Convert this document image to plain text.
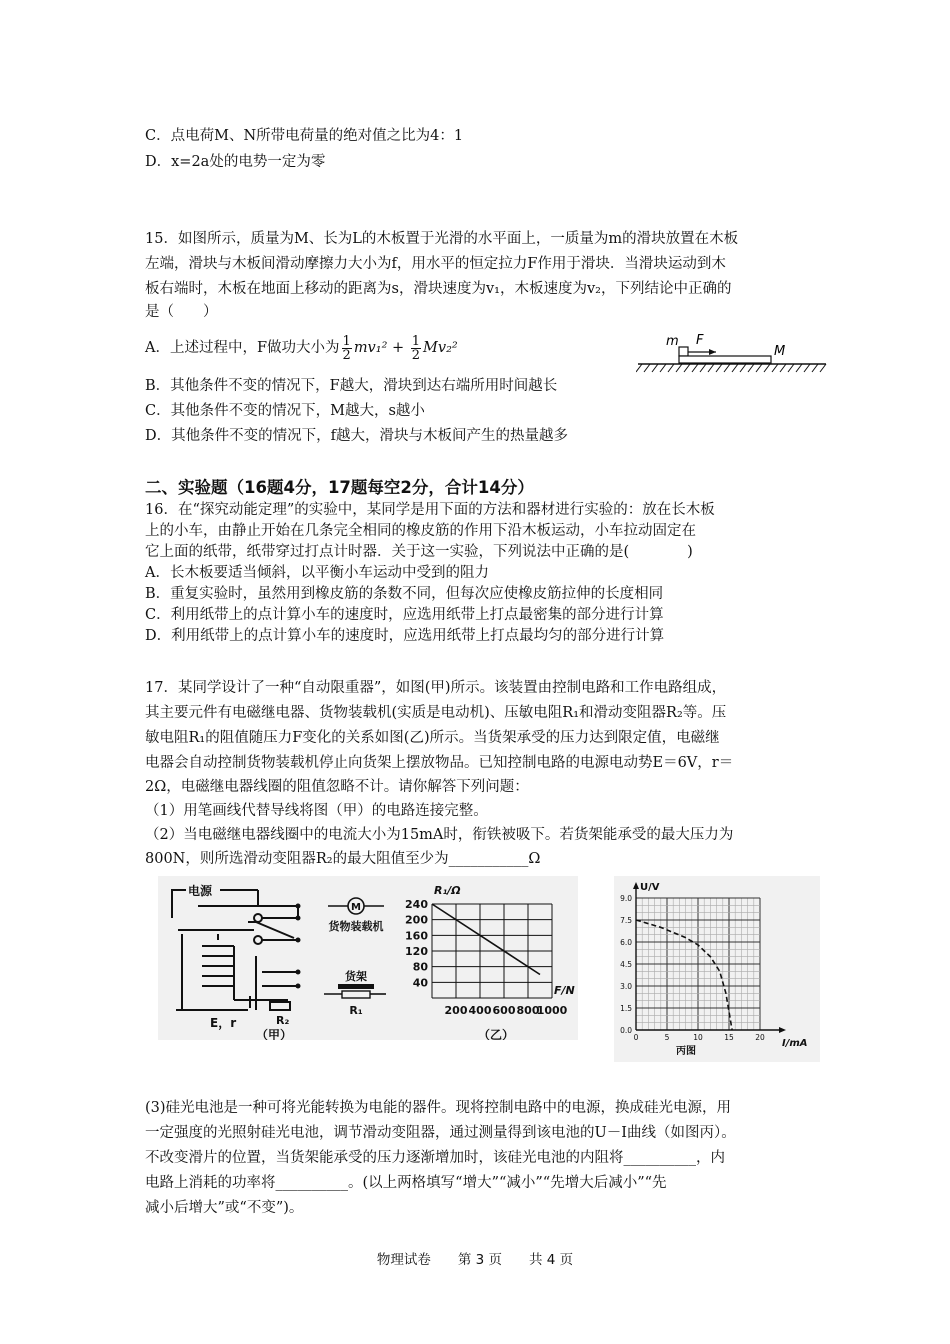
C．点电荷M、N所带电荷量的绝对值之比为4：1
D．x=2a处的电势一定为零
15．如图所示，质量为M、长为L的木板置于光滑的水平面上，一质量为m的滑块放置在木板
左端，滑块与木板间滑动摩擦力大小为f，用水平的恒定拉力F作用于滑块．当滑块运动到木
板右端时，木板在地面上移动的距离为s，滑块速度为v₁，木板速度为v₂，下列结论中正确的
是（　　）
A．上述过程中，F做功大小为 $\frac{1}{2} mv_1^2 + \frac{1}{2} Mv_2^2$
B．其他条件不变的情况下，F越大，滑块到达右端所用时间越长
C．其他条件不变的情况下，M越大，s越小
D．其他条件不变的情况下，f越大，滑块与木板间产生的热量越多
m F
M
二、实验题（16题4分，17题每空2分，合计14分）
16．在“探究动能定理”的实验中，某同学是用下面的方法和器材进行实验的：放在长木板
上的小车，由静止开始在几条完全相同的橡皮筋的作用下沿木板运动，小车拉动固定在
它上面的纸带，纸带穿过打点计时器．关于这一实验，下列说法中正确的是(　　　　)
A．长木板要适当倾斜，以平衡小车运动中受到的阻力
B．重复实验时，虽然用到橡皮筋的条数不同，但每次应使橡皮筋拉伸的长度相同
C．利用纸带上的点计算小车的速度时，应选用纸带上打点最密集的部分进行计算
D．利用纸带上的点计算小车的速度时，应选用纸带上打点最均匀的部分进行计算
17．某同学设计了一种“自动限重器”，如图(甲)所示。该装置由控制电路和工作电路组成，
其主要元件有电磁继电器、货物装载机(实质是电动机)、压敏电阻R₁和滑动变阻器R₂等。压
敏电阻R₁的阻值随压力F变化的关系如图(乙)所示。当货架承受的压力达到限定值，电磁继
电器会自动控制货物装载机停止向货架上摆放物品。已知控制电路的电源电动势E＝6V，r＝
2Ω，电磁继电器线圈的阻值忽略不计。请你解答下列问题：
（1）用笔画线代替导线将图（甲）的电路连接完整。
（2）当电磁继电器线圈中的电流大小为15mA时，衔铁被吸下。若货架能承受的最大压力为
800N，则所选滑动变阻器R₂的最大阻值至少为___________Ω
电源
E，r	R₂
（甲）
M
货物装载机
货架
R₁
240
200
160
120
80
40
200 400 600 800
1000
R₁/Ω
F/N
（乙）
9.0
7.5
6.0
4.5
3.0
1.5
0.0
0	5	10	15	20
U/V
I/mA
丙图
(3)硅光电池是一种可将光能转换为电能的器件。现将控制电路中的电源，换成硅光电源，用
一定强度的光照射硅光电池，调节滑动变阻器，通过测量得到该电池的U－I曲线（如图丙）。
不改变滑片的位置，当货架能承受的压力逐渐增加时，该硅光电池的内阻将__________，内
电路上消耗的功率将__________。(以上两格填写“增大”“减小”“先增大后减小”“先
减小后增大”或“不变”)。
物理试卷　　第 3 页　　共 4 页
